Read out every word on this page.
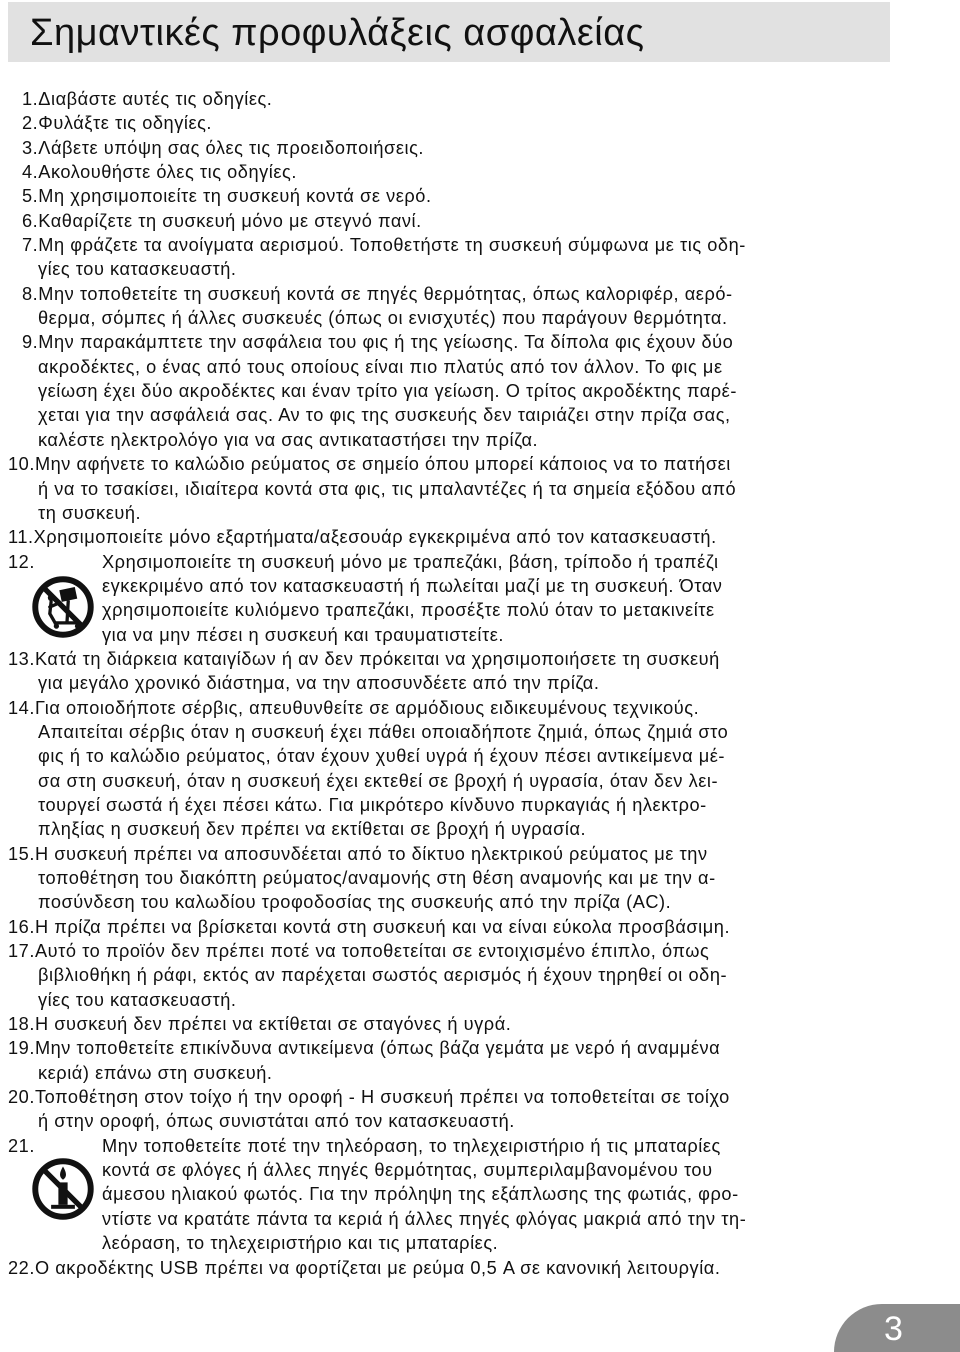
Σημαντικές προφυλάξεις ασφαλείας
1.Διαβάστε αυτές τις οδηγίες.
2.Φυλάξτε τις οδηγίες.
3.Λάβετε υπόψη σας όλες τις προειδοποιήσεις.
4.Ακολουθήστε όλες τις οδηγίες.
5.Μη χρησιμοποιείτε τη συσκευή κοντά σε νερό.
6.Καθαρίζετε τη συσκευή μόνο με στεγνό πανί.
7.Μη φράζετε τα ανοίγματα αερισμού. Τοποθετήστε τη συσκευή σύμφωνα με τις οδη-
γίες του κατασκευαστή.
8.Μην τοποθετείτε τη συσκευή κοντά σε πηγές θερμότητας, όπως καλοριφέρ, αερό-
θερμα, σόμπες ή άλλες συσκευές (όπως οι ενισχυτές) που παράγουν θερμότητα.
9.Μην παρακάμπτετε την ασφάλεια του φις ή της γείωσης. Τα δίπολα φις έχουν δύο
ακροδέκτες, ο ένας από τους οποίους είναι πιο πλατύς από τον άλλον. Το φις με
γείωση έχει δύο ακροδέκτες και έναν τρίτο για γείωση. Ο τρίτος ακροδέκτης παρέ-
χεται για την ασφάλειά σας. Αν το φις της συσκευής δεν ταιριάζει στην πρίζα σας,
καλέστε ηλεκτρολόγο για να σας αντικαταστήσει την πρίζα.
10.Μην αφήνετε το καλώδιο ρεύματος σε σημείο όπου μπορεί κάποιος να το πατήσει
ή να το τσακίσει, ιδιαίτερα κοντά στα φις, τις μπαλαντέζες ή τα σημεία εξόδου από
τη συσκευή.
11.Χρησιμοποιείτε μόνο εξαρτήματα/αξεσουάρ εγκεκριμένα από τον κατασκευαστή.
12.	Χρησιμοποιείτε τη συσκευή μόνο με τραπεζάκι, βάση, τρίποδο ή τραπέζι
εγκεκριμένο από τον κατασκευαστή ή πωλείται μαζί με τη συσκευή. Όταν
χρησιμοποιείτε κυλιόμενο τραπεζάκι, προσέξτε πολύ όταν το μετακινείτε
για να μην πέσει η συσκευή και τραυματιστείτε.
13.Κατά τη διάρκεια καταιγίδων ή αν δεν πρόκειται να χρησιμοποιήσετε τη συσκευή
για μεγάλο χρονικό διάστημα, να την αποσυνδέετε από την πρίζα.
14.Για οποιοδήποτε σέρβις, απευθυνθείτε σε αρμόδιους ειδικευμένους τεχνικούς.
Απαιτείται σέρβις όταν η συσκευή έχει πάθει οποιαδήποτε ζημιά, όπως ζημιά στο
φις ή το καλώδιο ρεύματος, όταν έχουν χυθεί υγρά ή έχουν πέσει αντικείμενα μέ-
σα στη συσκευή, όταν η συσκευή έχει εκτεθεί σε βροχή ή υγρασία, όταν δεν λει-
τουργεί σωστά ή έχει πέσει κάτω. Για μικρότερο κίνδυνο πυρκαγιάς ή ηλεκτρο-
πληξίας η συσκευή δεν πρέπει να εκτίθεται σε βροχή ή υγρασία.
15.Η συσκευή πρέπει να αποσυνδέεται από το δίκτυο ηλεκτρικού ρεύματος με την
τοποθέτηση του διακόπτη ρεύματος/αναμονής στη θέση αναμονής και με την α-
ποσύνδεση του καλωδίου τροφοδοσίας της συσκευής από την πρίζα (AC).
16.Η πρίζα πρέπει να βρίσκεται κοντά στη συσκευή και να είναι εύκολα προσβάσιμη.
17.Αυτό το προϊόν δεν πρέπει ποτέ να τοποθετείται σε εντοιχισμένο έπιπλο, όπως
βιβλιοθήκη ή ράφι, εκτός αν παρέχεται σωστός αερισμός ή έχουν τηρηθεί οι οδη-
γίες του κατασκευαστή.
18.Η συσκευή δεν πρέπει να εκτίθεται σε σταγόνες ή υγρά.
19.Μην τοποθετείτε επικίνδυνα αντικείμενα (όπως βάζα γεμάτα με νερό ή αναμμένα
κεριά) επάνω στη συσκευή.
20.Τοποθέτηση στον τοίχο ή την οροφή - Η συσκευή πρέπει να τοποθετείται σε τοίχο
ή στην οροφή, όπως συνιστάται από τον κατασκευαστή.
21.	Μην τοποθετείτε ποτέ την τηλεόραση, το τηλεχειριστήριο ή τις μπαταρίες
κοντά σε φλόγες ή άλλες πηγές θερμότητας, συμπεριλαμβανομένου του
άμεσου ηλιακού φωτός. Για την πρόληψη της εξάπλωσης της φωτιάς, φρο-
ντίστε να κρατάτε πάντα τα κεριά ή άλλες πηγές φλόγας μακριά από την τη-
λεόραση, το τηλεχειριστήριο και τις μπαταρίες.
22.Ο ακροδέκτης USB πρέπει να φορτίζεται με ρεύμα 0,5 A σε κανονική λειτουργία.
3
